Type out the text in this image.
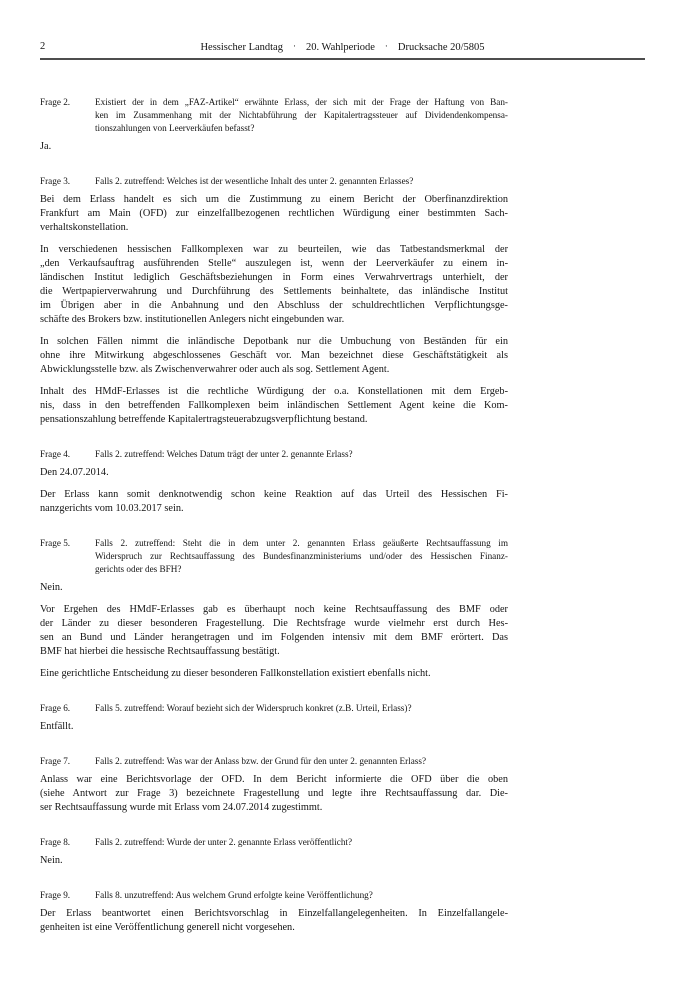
2	Hessischer Landtag · 20. Wahlperiode · Drucksache 20/5805
Frage 2.	Existiert der in dem „FAZ-Artikel“ erwähnte Erlass, der sich mit der Frage der Haftung von Ban-
ken im Zusammenhang mit der Nichtabführung der Kapitalertragssteuer auf Dividendenkompensa-
tionszahlungen von Leerverkäufen befasst?
Ja.
Frage 3.	Falls 2. zutreffend: Welches ist der wesentliche Inhalt des unter 2. genannten Erlasses?
Bei dem Erlass handelt es sich um die Zustimmung zu einem Bericht der Oberfinanzdirektion
Frankfurt am Main (OFD) zur einzelfallbezogenen rechtlichen Würdigung einer bestimmten Sach-
verhaltskonstellation.
In verschiedenen hessischen Fallkomplexen war zu beurteilen, wie das Tatbestandsmerkmal der
„den Verkaufsauftrag ausführenden Stelle“ auszulegen ist, wenn der Leerverkäufer zu einem in-
ländischen Institut lediglich Geschäftsbeziehungen in Form eines Verwahrvertrags unterhielt, der
die Wertpapierverwahrung und Durchführung des Settlements beinhaltete, das inländische Institut
im Übrigen aber in die Anbahnung und den Abschluss der schuldrechtlichen Verpflichtungsge-
schäfte des Brokers bzw. institutionellen Anlegers nicht eingebunden war.
In solchen Fällen nimmt die inländische Depotbank nur die Umbuchung von Beständen für ein
ohne ihre Mitwirkung abgeschlossenes Geschäft vor. Man bezeichnet diese Geschäftstätigkeit als
Abwicklungsstelle bzw. als Zwischenverwahrer oder auch als sog. Settlement Agent.
Inhalt des HMdF-Erlasses ist die rechtliche Würdigung der o.a. Konstellationen mit dem Ergeb-
nis, dass in den betreffenden Fallkomplexen beim inländischen Settlement Agent keine die Kom-
pensationszahlung betreffende Kapitalertragsteuerabzugsverpflichtung bestand.
Frage 4.	Falls 2. zutreffend: Welches Datum trägt der unter 2. genannte Erlass?
Den 24.07.2014.
Der Erlass kann somit denknotwendig schon keine Reaktion auf das Urteil des Hessischen Fi-
nanzgerichts vom 10.03.2017 sein.
Frage 5.	Falls 2. zutreffend: Steht die in dem unter 2. genannten Erlass geäußerte Rechtsauffassung im
Widerspruch zur Rechtsauffassung des Bundesfinanzministeriums und/oder des Hessischen Finanz-
gerichts oder des BFH?
Nein.
Vor Ergehen des HMdF-Erlasses gab es überhaupt noch keine Rechtsauffassung des BMF oder
der Länder zu dieser besonderen Fragestellung. Die Rechtsfrage wurde vielmehr erst durch Hes-
sen an Bund und Länder herangetragen und im Folgenden intensiv mit dem BMF erörtert. Das
BMF hat hierbei die hessische Rechtsauffassung bestätigt.
Eine gerichtliche Entscheidung zu dieser besonderen Fallkonstellation existiert ebenfalls nicht.
Frage 6.	Falls 5. zutreffend: Worauf bezieht sich der Widerspruch konkret (z.B. Urteil, Erlass)?
Entfällt.
Frage 7.	Falls 2. zutreffend: Was war der Anlass bzw. der Grund für den unter 2. genannten Erlass?
Anlass war eine Berichtsvorlage der OFD. In dem Bericht informierte die OFD über die oben
(siehe Antwort zur Frage 3) bezeichnete Fragestellung und legte ihre Rechtsauffassung dar. Die-
ser Rechtsauffassung wurde mit Erlass vom 24.07.2014 zugestimmt.
Frage 8.	Falls 2. zutreffend: Wurde der unter 2. genannte Erlass veröffentlicht?
Nein.
Frage 9.	Falls 8. unzutreffend: Aus welchem Grund erfolgte keine Veröffentlichung?
Der Erlass beantwortet einen Berichtsvorschlag in Einzelfallangelegenheiten. In Einzelfallangele-
genheiten ist eine Veröffentlichung generell nicht vorgesehen.
